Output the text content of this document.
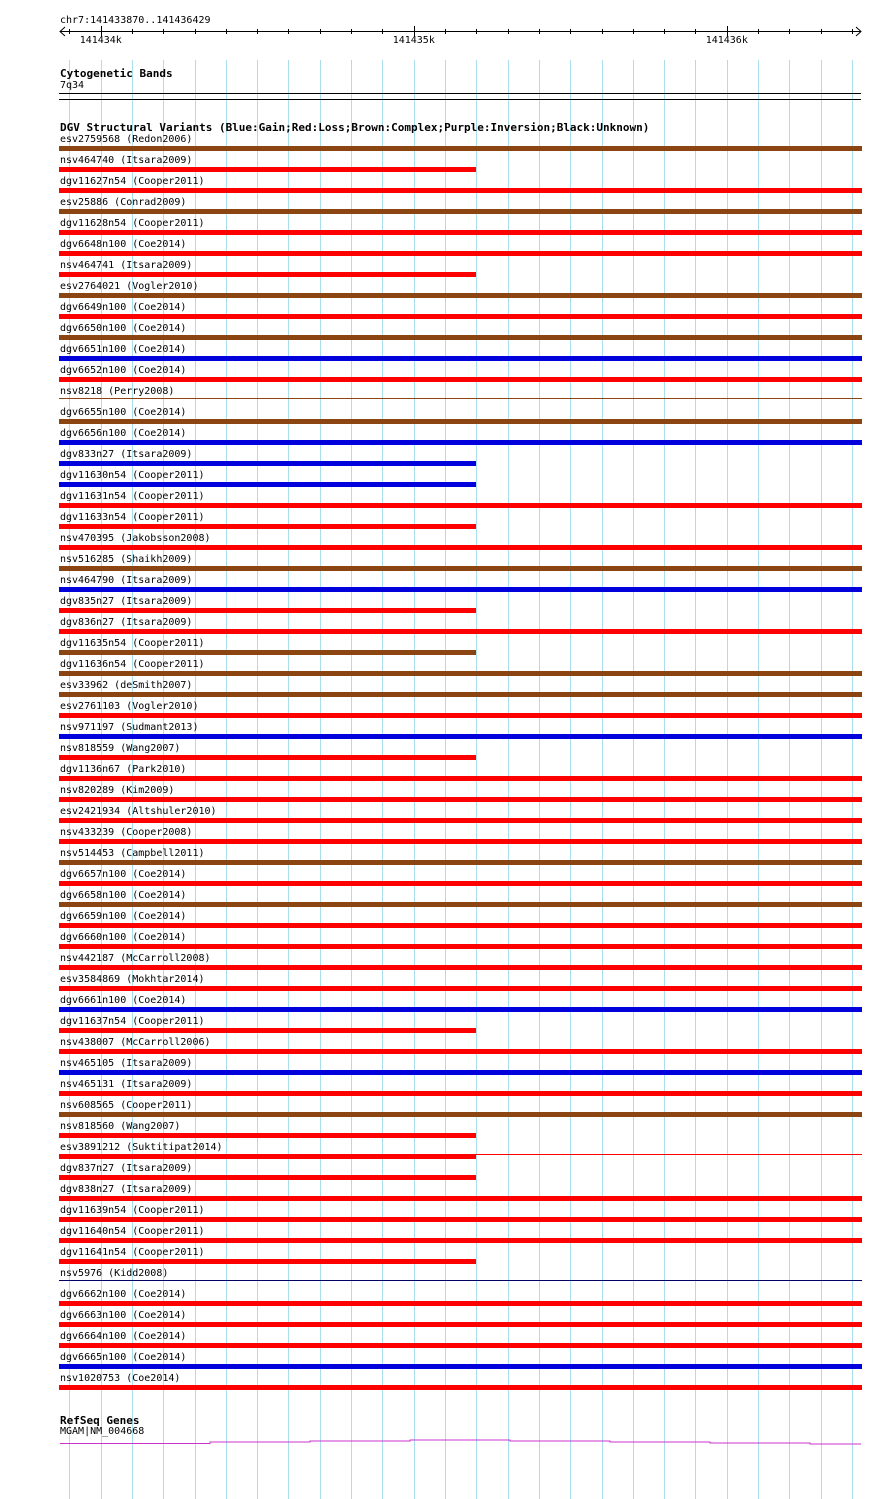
chr7:141433870..141436429
141434k	141435k	141436k
Cytogenetic Bands
7q34
DGV Structural Variants (Blue:Gain;Red:Loss;Brown:Complex;Purple:Inversion;Black:Unknown)
esv2759568 (Redon2006)
nsv464740 (Itsara2009)
dgv11627n54 (Cooper2011)
esv25886 (Conrad2009)
dgv11628n54 (Cooper2011)
dgv6648n100 (Coe2014)
nsv464741 (Itsara2009)
esv2764021 (Vogler2010)
dgv6649n100 (Coe2014)
dgv6650n100 (Coe2014)
dgv6651n100 (Coe2014)
dgv6652n100 (Coe2014)
nsv8218 (Perry2008)
dgv6655n100 (Coe2014)
dgv6656n100 (Coe2014)
dgv833n27 (Itsara2009)
dgv11630n54 (Cooper2011)
dgv11631n54 (Cooper2011)
dgv11633n54 (Cooper2011)
nsv470395 (Jakobsson2008)
nsv516285 (Shaikh2009)
nsv464790 (Itsara2009)
dgv835n27 (Itsara2009)
dgv836n27 (Itsara2009)
dgv11635n54 (Cooper2011)
dgv11636n54 (Cooper2011)
esv33962 (deSmith2007)
esv2761103 (Vogler2010)
nsv971197 (Sudmant2013)
nsv818559 (Wang2007)
dgv1136n67 (Park2010)
nsv820289 (Kim2009)
esv2421934 (Altshuler2010)
nsv433239 (Cooper2008)
nsv514453 (Campbell2011)
dgv6657n100 (Coe2014)
dgv6658n100 (Coe2014)
dgv6659n100 (Coe2014)
dgv6660n100 (Coe2014)
nsv442187 (McCarroll2008)
esv3584869 (Mokhtar2014)
dgv6661n100 (Coe2014)
dgv11637n54 (Cooper2011)
nsv438007 (McCarroll2006)
nsv465105 (Itsara2009)
nsv465131 (Itsara2009)
nsv608565 (Cooper2011)
nsv818560 (Wang2007)
esv3891212 (Suktitipat2014)
dgv837n27 (Itsara2009)
dgv838n27 (Itsara2009)
dgv11639n54 (Cooper2011)
dgv11640n54 (Cooper2011)
dgv11641n54 (Cooper2011)
nsv5976 (Kidd2008)
dgv6662n100 (Coe2014)
dgv6663n100 (Coe2014)
dgv6664n100 (Coe2014)
dgv6665n100 (Coe2014)
nsv1020753 (Coe2014)
RefSeq Genes
MGAM|NM_004668
